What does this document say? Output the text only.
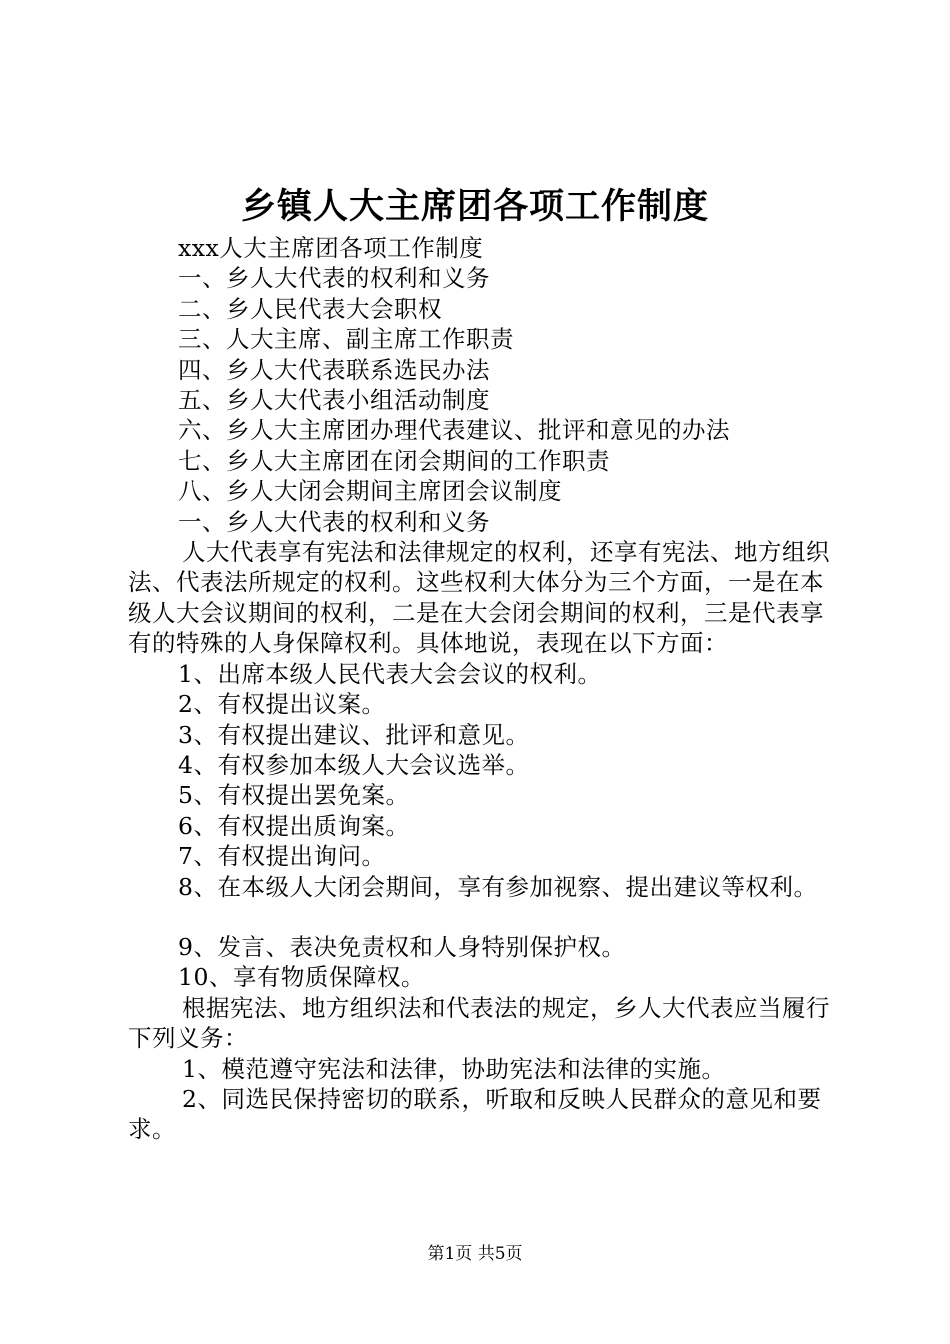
乡镇人大主席团各项工作制度
xxx人大主席团各项工作制度
一、乡人大代表的权利和义务
二、乡人民代表大会职权
三、人大主席、副主席工作职责
四、乡人大代表联系选民办法
五、乡人大代表小组活动制度
六、乡人大主席团办理代表建议、批评和意见的办法
七、乡人大主席团在闭会期间的工作职责
八、乡人大闭会期间主席团会议制度
一、乡人大代表的权利和义务
人大代表享有宪法和法律规定的权利，还享有宪法、地方组织法、代表法所规定的权利。这些权利大体分为三个方面，一是在本级人大会议期间的权利，二是在大会闭会期间的权利，三是代表享有的特殊的人身保障权利。具体地说，表现在以下方面：
1、出席本级人民代表大会会议的权利。
2、有权提出议案。
3、有权提出建议、批评和意见。
4、有权参加本级人大会议选举。
5、有权提出罢免案。
6、有权提出质询案。
7、有权提出询问。
8、在本级人大闭会期间，享有参加视察、提出建议等权利。
9、发言、表决免责权和人身特别保护权。
10、享有物质保障权。
根据宪法、地方组织法和代表法的规定，乡人大代表应当履行下列义务：
1、模范遵守宪法和法律，协助宪法和法律的实施。
2、同选民保持密切的联系，听取和反映人民群众的意见和要求。
第1页 共5页
